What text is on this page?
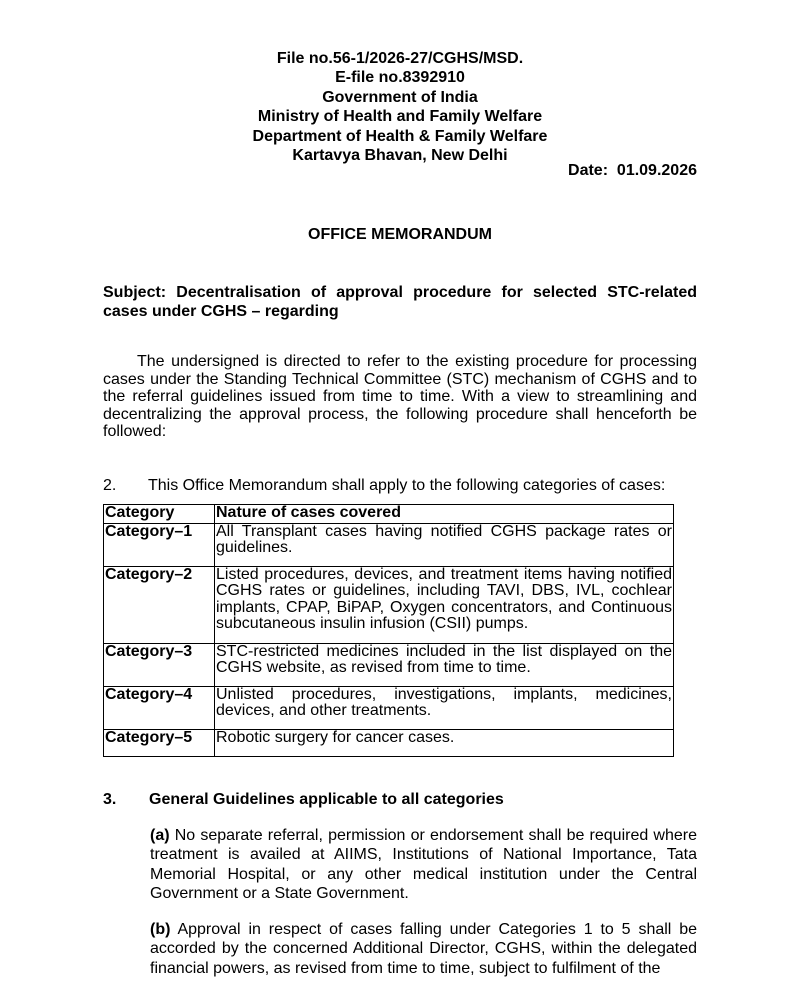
File no.56-1/2026-27/CGHS/MSD.
E-file no.8392910
Government of India
Ministry of Health and Family Welfare
Department of Health & Family Welfare
Kartavya Bhavan, New Delhi
Date:  01.09.2026
OFFICE MEMORANDUM
Subject: Decentralisation of approval procedure for selected STC-related cases under CGHS – regarding
The undersigned is directed to refer to the existing procedure for processing cases under the Standing Technical Committee (STC) mechanism of CGHS and to the referral guidelines issued from time to time. With a view to streamlining and decentralizing the approval process, the following procedure shall henceforth be followed:
2. This Office Memorandum shall apply to the following categories of cases:
Category	Nature of cases covered
Category–1	All Transplant cases having notified CGHS package rates or guidelines.
Category–2	Listed procedures, devices, and treatment items having notified CGHS rates or guidelines, including TAVI, DBS, IVL, cochlear implants, CPAP, BiPAP, Oxygen concentrators, and Continuous subcutaneous insulin infusion (CSII) pumps.
Category–3	STC-restricted medicines included in the list displayed on the CGHS website, as revised from time to time.
Category–4	Unlisted procedures, investigations, implants, medicines, devices, and other treatments.
Category–5	Robotic surgery for cancer cases.
3. General Guidelines applicable to all categories
(a) No separate referral, permission or endorsement shall be required where treatment is availed at AIIMS, Institutions of National Importance, Tata Memorial Hospital, or any other medical institution under the Central Government or a State Government.
(b) Approval in respect of cases falling under Categories 1 to 5 shall be accorded by the concerned Additional Director, CGHS, within the delegated financial powers, as revised from time to time, subject to fulfilment of the
